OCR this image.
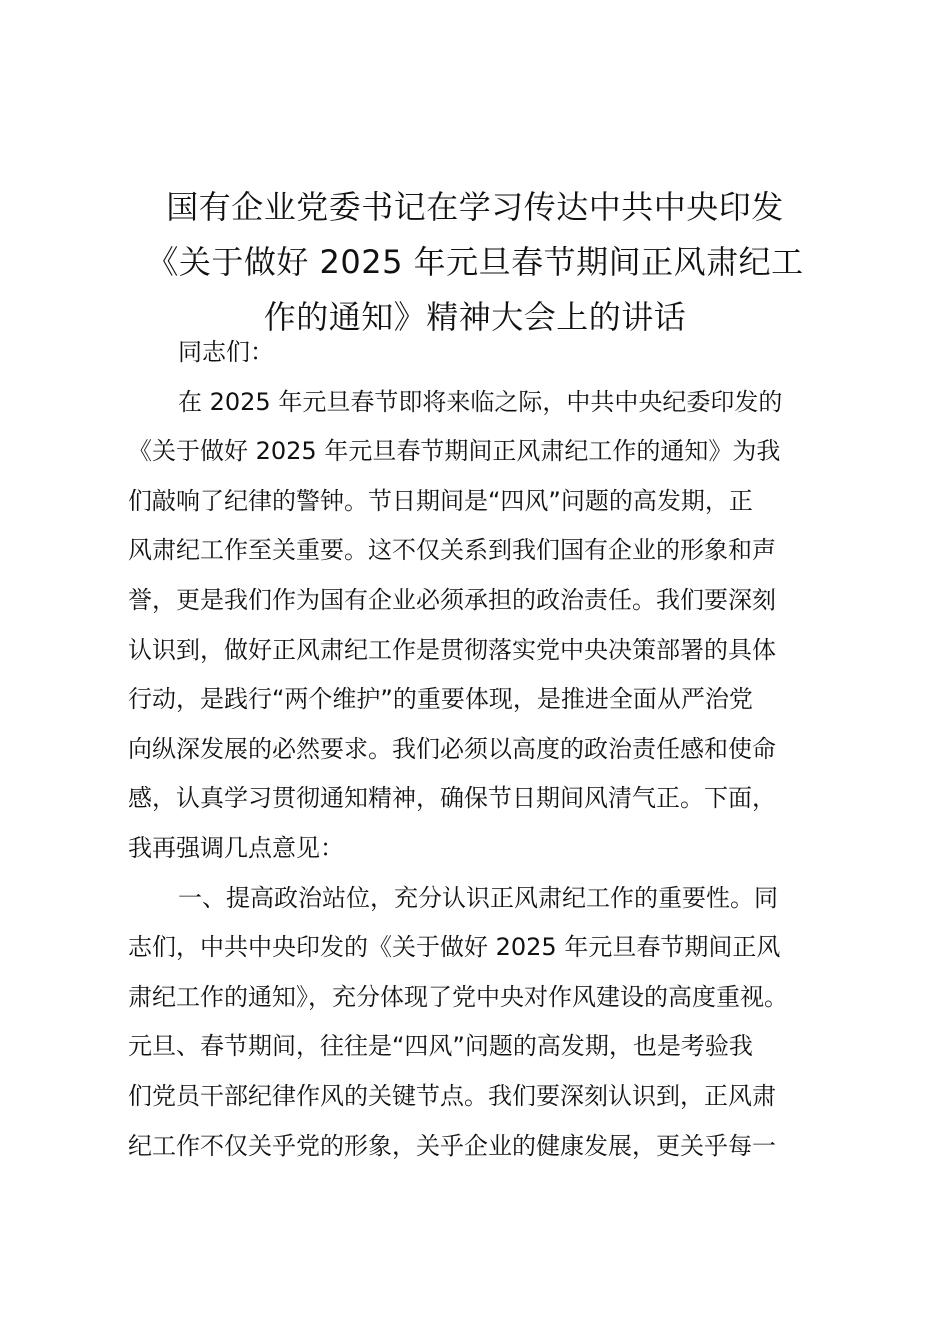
国有企业党委书记在学习传达中共中央印发
《关于做好 2025 年元旦春节期间正风肃纪工
作的通知》精神大会上的讲话
同志们：
在 2025 年元旦春节即将来临之际，中共中央纪委印发的
《关于做好 2025 年元旦春节期间正风肃纪工作的通知》为我
们敲响了纪律的警钟。节日期间是“四风”问题的高发期，正
风肃纪工作至关重要。这不仅关系到我们国有企业的形象和声
誉，更是我们作为国有企业必须承担的政治责任。我们要深刻
认识到，做好正风肃纪工作是贯彻落实党中央决策部署的具体
行动，是践行“两个维护”的重要体现，是推进全面从严治党
向纵深发展的必然要求。我们必须以高度的政治责任感和使命
感，认真学习贯彻通知精神，确保节日期间风清气正。下面，
我再强调几点意见：
一、提高政治站位，充分认识正风肃纪工作的重要性。同
志们，中共中央印发的《关于做好 2025 年元旦春节期间正风
肃纪工作的通知》，充分体现了党中央对作风建设的高度重视。
元旦、春节期间，往往是“四风”问题的高发期，也是考验我
们党员干部纪律作风的关键节点。我们要深刻认识到，正风肃
纪工作不仅关乎党的形象，关乎企业的健康发展，更关乎每一
